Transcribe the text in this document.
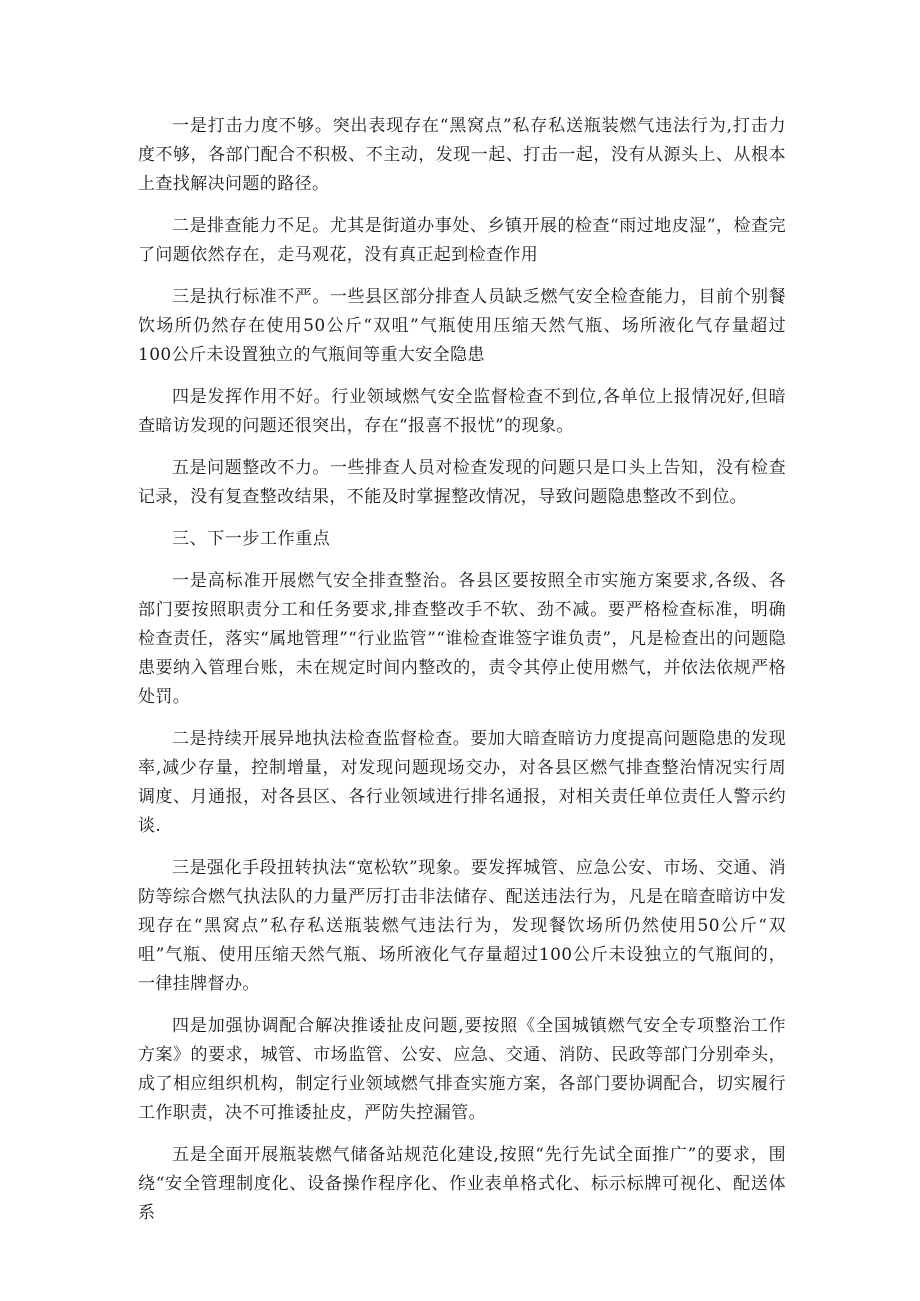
一是打击力度不够。突出表现存在“黑窝点”私存私送瓶装燃气违法行为,打击力度不够，各部门配合不积极、不主动，发现一起、打击一起，没有从源头上、从根本上查找解决问题的路径。

二是排查能力不足。尤其是街道办事处、乡镇开展的检查“雨过地皮湿”，检查完了问题依然存在，走马观花，没有真正起到检查作用

三是执行标准不严。一些县区部分排查人员缺乏燃气安全检查能力，目前个别餐饮场所仍然存在使用50公斤“双咀”气瓶使用压缩天然气瓶、场所液化气存量超过100公斤未设置独立的气瓶间等重大安全隐患

四是发挥作用不好。行业领域燃气安全监督检查不到位,各单位上报情况好,但暗查暗访发现的问题还很突出，存在“报喜不报忧”的现象。

五是问题整改不力。一些排查人员对检查发现的问题只是口头上告知，没有检查记录，没有复查整改结果，不能及时掌握整改情况，导致问题隐患整改不到位。

三、下一步工作重点

一是高标准开展燃气安全排查整治。各县区要按照全市实施方案要求,各级、各部门要按照职责分工和任务要求,排查整改手不软、劲不减。要严格检查标准，明确检查责任，落实“属地管理”“行业监管”“谁检查谁签字谁负责”，凡是检查出的问题隐患要纳入管理台账，未在规定时间内整改的，责令其停止使用燃气，并依法依规严格处罚。

二是持续开展异地执法检查监督检查。要加大暗查暗访力度提高问题隐患的发现率,减少存量，控制增量，对发现问题现场交办，对各县区燃气排查整治情况实行周调度、月通报，对各县区、各行业领域进行排名通报，对相关责任单位责任人警示约谈.

三是强化手段扭转执法“宽松软”现象。要发挥城管、应急公安、市场、交通、消防等综合燃气执法队的力量严厉打击非法储存、配送违法行为，凡是在暗查暗访中发现存在“黑窝点”私存私送瓶装燃气违法行为，发现餐饮场所仍然使用50公斤“双咀”气瓶、使用压缩天然气瓶、场所液化气存量超过100公斤未设独立的气瓶间的，一律挂牌督办。

四是加强协调配合解决推诿扯皮问题,要按照《全国城镇燃气安全专项整治工作方案》的要求，城管、市场监管、公安、应急、交通、消防、民政等部门分别牵头，成了相应组织机构，制定行业领域燃气排查实施方案，各部门要协调配合，切实履行工作职责，决不可推诿扯皮，严防失控漏管。

五是全面开展瓶装燃气储备站规范化建设,按照“先行先试全面推广”的要求，围绕“安全管理制度化、设备操作程序化、作业表单格式化、标示标牌可视化、配送体系
